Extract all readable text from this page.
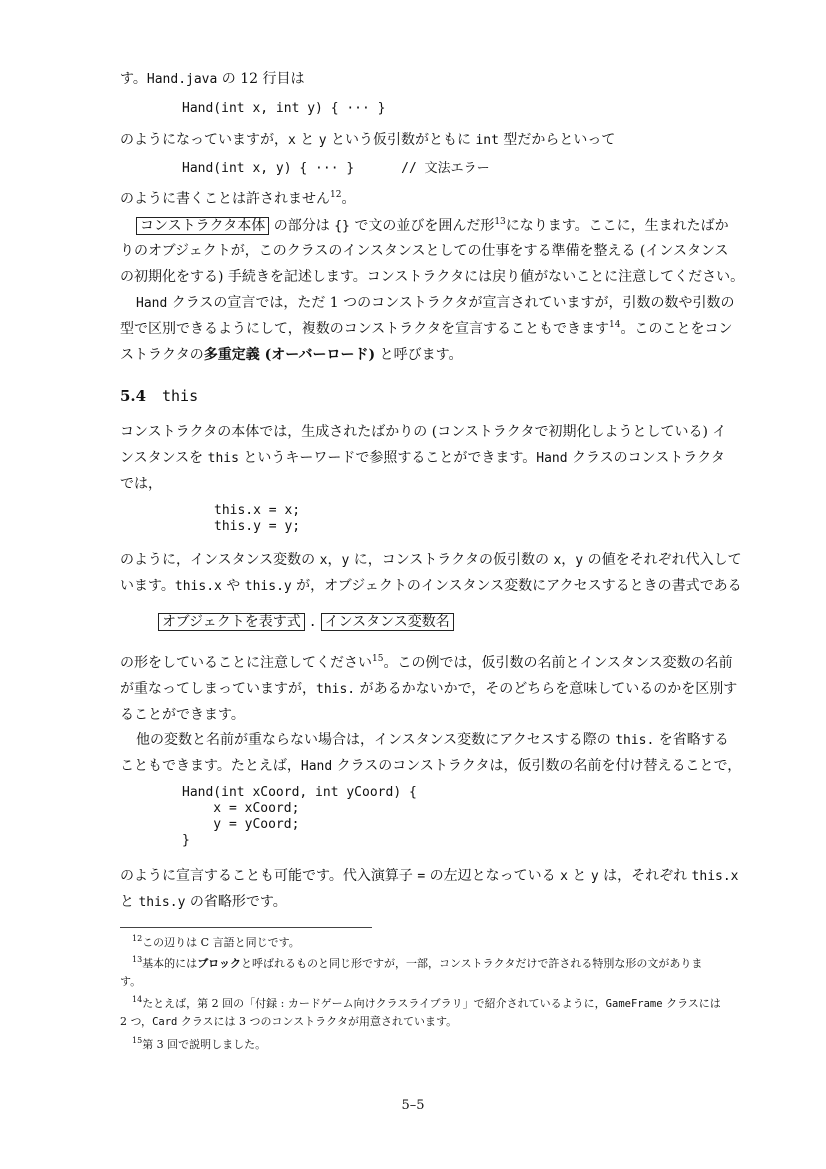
す。Hand.java の 12 行目は
Hand(int x, int y) { ··· }
のようになっていますが，x と y という仮引数がともに int 型だからといって
Hand(int x, y) { ··· }      // 文法エラー
のように書くことは許されません$^{12}$。
コンストラクタ本体 の部分は {} で文の並びを囲んだ形$^{13}$になります。ここに，生まれたばか
りのオブジェクトが，このクラスのインスタンスとしての仕事をする準備を整える (インスタンス
の初期化をする) 手続きを記述します。コンストラクタには戻り値がないことに注意してください。
Hand クラスの宣言では，ただ 1 つのコンストラクタが宣言されていますが，引数の数や引数の
型で区別できるようにして，複数のコンストラクタを宣言することもできます$^{14}$。このことをコン
ストラクタの多重定義 (オーバーロード) と呼びます。
5.4 this
コンストラクタの本体では，生成されたばかりの (コンストラクタで初期化しようとしている) イ
ンスタンスを this というキーワードで参照することができます。Hand クラスのコンストラクタ
では，
this.x = x;
this.y = y;
のように，インスタンス変数の x，y に，コンストラクタの仮引数の x，y の値をそれぞれ代入して
います。this.x や this.y が，オブジェクトのインスタンス変数にアクセスするときの書式である
オブジェクトを表す式 . インスタンス変数名
の形をしていることに注意してください$^{15}$。この例では，仮引数の名前とインスタンス変数の名前
が重なってしまっていますが，this. があるかないかで，そのどちらを意味しているのかを区別す
ることができます。
他の変数と名前が重ならない場合は，インスタンス変数にアクセスする際の this. を省略する
こともできます。たとえば，Hand クラスのコンストラクタは，仮引数の名前を付け替えることで，
Hand(int xCoord, int yCoord) {
x = xCoord;
y = yCoord;
}
のように宣言することも可能です。代入演算子 = の左辺となっている x と y は，それぞれ this.x
と this.y の省略形です。
$^{12}$この辺りは C 言語と同じです。
$^{13}$基本的にはブロックと呼ばれるものと同じ形ですが，一部，コンストラクタだけで許される特別な形の文がありま
す。
$^{14}$たとえば，第 2 回の「付録 : カードゲーム向けクラスライブラリ」で紹介されているように，GameFrame クラスには
2 つ，Card クラスには 3 つのコンストラクタが用意されています。
$^{15}$第 3 回で説明しました。
5–5
